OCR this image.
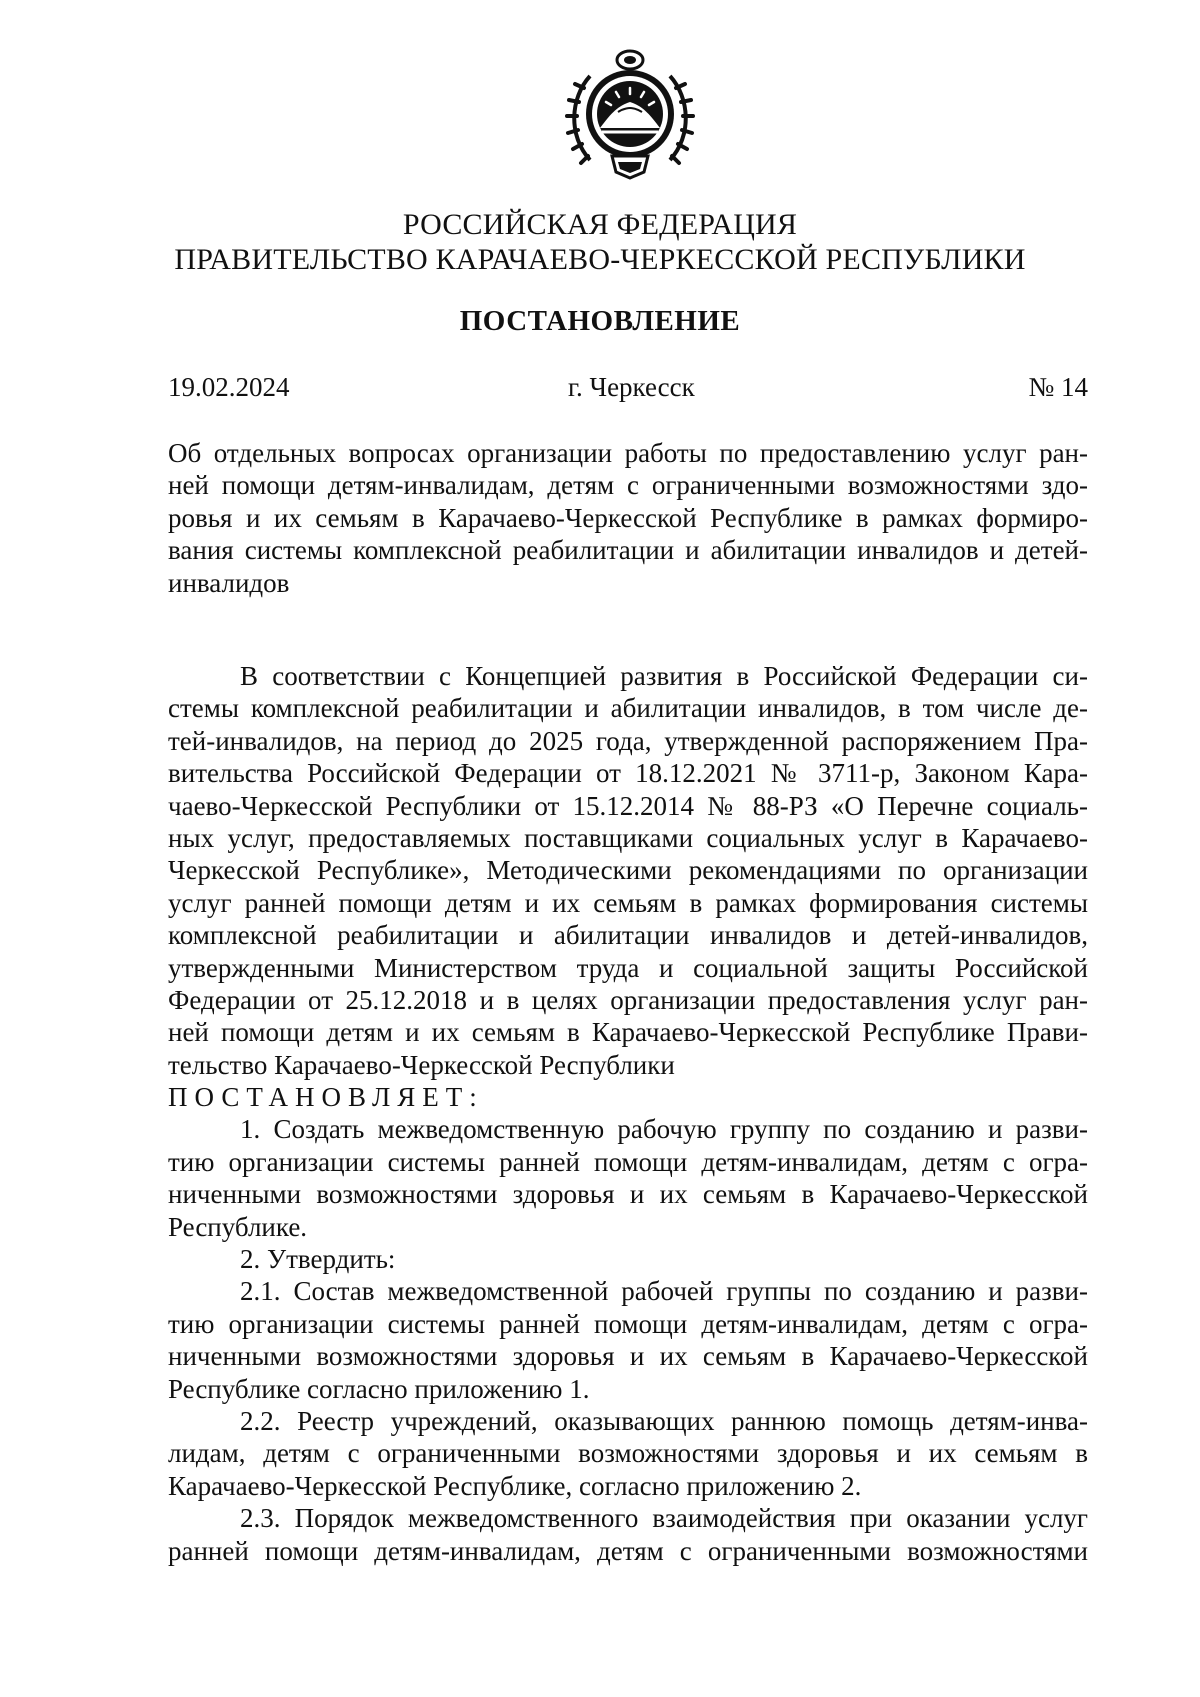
РОССИЙСКАЯ ФЕДЕРАЦИЯ
ПРАВИТЕЛЬСТВО КАРАЧАЕВО-ЧЕРКЕССКОЙ РЕСПУБЛИКИ
ПОСТАНОВЛЕНИЕ
19.02.2024	г. Черкесск	№ 14
Об отдельных вопросах организации работы по предоставлению услуг ран-
ней помощи детям-инвалидам, детям с ограниченными возможностями здо-
ровья и их семьям в Карачаево-Черкесской Республике в рамках формиро-
вания системы комплексной реабилитации и абилитации инвалидов и детей-
инвалидов
В соответствии с Концепцией развития в Российской Федерации си-
стемы комплексной реабилитации и абилитации инвалидов, в том числе де-
тей-инвалидов, на период до 2025 года, утвержденной распоряжением Пра-
вительства Российской Федерации от 18.12.2021 № 3711-р, Законом Кара-
чаево-Черкесской Республики от 15.12.2014 № 88-РЗ «О Перечне социаль-
ных услуг, предоставляемых поставщиками социальных услуг в Карачаево-
Черкесской Республике», Методическими рекомендациями по организации
услуг ранней помощи детям и их семьям в рамках формирования системы
комплексной реабилитации и абилитации инвалидов и детей-инвалидов,
утвержденными Министерством труда и социальной защиты Российской
Федерации от 25.12.2018 и в целях организации предоставления услуг ран-
ней помощи детям и их семьям в Карачаево-Черкесской Республике Прави-
тельство Карачаево-Черкесской Республики
ПОСТАНОВЛЯЕТ:
1. Создать межведомственную рабочую группу по созданию и разви-
тию организации системы ранней помощи детям-инвалидам, детям с огра-
ниченными возможностями здоровья и их семьям в Карачаево-Черкесской
Республике.
2. Утвердить:
2.1. Состав межведомственной рабочей группы по созданию и разви-
тию организации системы ранней помощи детям-инвалидам, детям с огра-
ниченными возможностями здоровья и их семьям в Карачаево-Черкесской
Республике согласно приложению 1.
2.2. Реестр учреждений, оказывающих раннюю помощь детям-инва-
лидам, детям с ограниченными возможностями здоровья и их семьям в
Карачаево-Черкесской Республике, согласно приложению 2.
2.3. Порядок межведомственного взаимодействия при оказании услуг
ранней помощи детям-инвалидам, детям с ограниченными возможностями
